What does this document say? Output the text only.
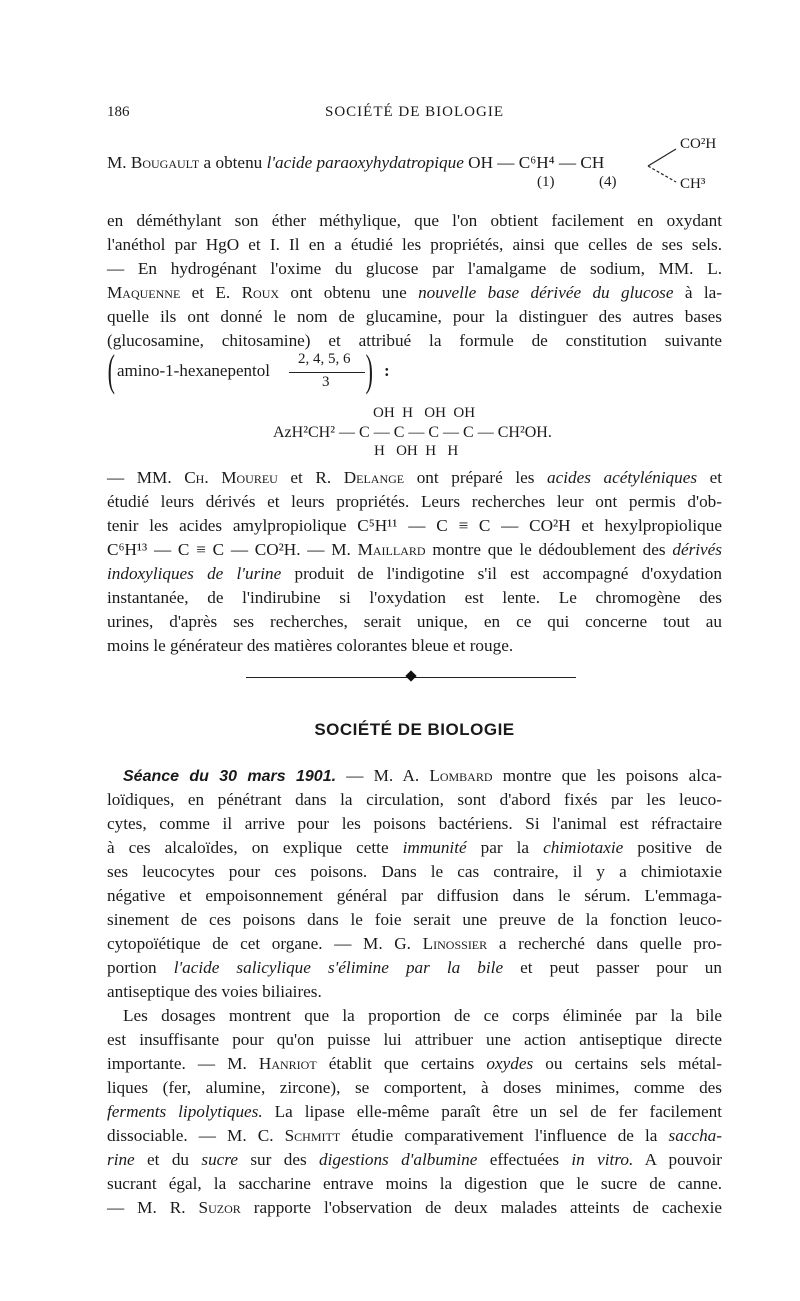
186	SOCIÉTÉ DE BIOLOGIE
CO²H
CH³
(1)	(4)
M. Bougault a obtenu l'acide paraoxyhydatropique OH — C⁶H⁴ — CH
en déméthylant son éther méthylique, que l'on obtient facilement en oxydant
l'anéthol par HgO et I. Il en a étudié les propriétés, ainsi que celles de ses sels.
— En hydrogénant l'oxime du glucose par l'amalgame de sodium, MM. L.
Maquenne et E. Roux ont obtenu une nouvelle base dérivée du glucose à la-
quelle ils ont donné le nom de glucamine, pour la distinguer des autres bases
(glucosamine, chitosamine) et attribué la formule de constitution suivante
( amino-1-hexanepentol
2, 4, 5, 6
3 ) :
OH  H   OH  OH
AzH²CH² — C — C — C — C — CH²OH.
H   OH  H   H
— MM. Ch. Moureu et R. Delange ont préparé les acides acétyléniques et
étudié leurs dérivés et leurs propriétés. Leurs recherches leur ont permis d'ob-
tenir les acides amylpropiolique C⁵H¹¹ — C ≡ C — CO²H et hexylpropiolique
C⁶H¹³ — C ≡ C — CO²H. — M. Maillard montre que le dédoublement des dérivés
indoxyliques de l'urine produit de l'indigotine s'il est accompagné d'oxydation
instantanée, de l'indirubine si l'oxydation est lente. Le chromogène des
urines, d'après ses recherches, serait unique, en ce qui concerne tout au
moins le générateur des matières colorantes bleue et rouge.
SOCIÉTÉ DE BIOLOGIE
Séance du 30 mars 1901. — M. A. Lombard montre que les poisons alca-
loïdiques, en pénétrant dans la circulation, sont d'abord fixés par les leuco-
cytes, comme il arrive pour les poisons bactériens. Si l'animal est réfractaire
à ces alcaloïdes, on explique cette immunité par la chimiotaxie positive de
ses leucocytes pour ces poisons. Dans le cas contraire, il y a chimiotaxie
négative et empoisonnement général par diffusion dans le sérum. L'emmaga-
sinement de ces poisons dans le foie serait une preuve de la fonction leuco-
cytopoïétique de cet organe. — M. G. Linossier a recherché dans quelle pro-
portion l'acide salicylique s'élimine par la bile et peut passer pour un
antiseptique des voies biliaires.
Les dosages montrent que la proportion de ce corps éliminée par la bile
est insuffisante pour qu'on puisse lui attribuer une action antiseptique directe
importante. — M. Hanriot établit que certains oxydes ou certains sels métal-
liques (fer, alumine, zircone), se comportent, à doses minimes, comme des
ferments lipolytiques. La lipase elle-même paraît être un sel de fer facilement
dissociable. — M. C. Schmitt étudie comparativement l'influence de la saccha-
rine et du sucre sur des digestions d'albumine effectuées in vitro. A pouvoir
sucrant égal, la saccharine entrave moins la digestion que le sucre de canne.
— M. R. Suzor rapporte l'observation de deux malades atteints de cachexie
